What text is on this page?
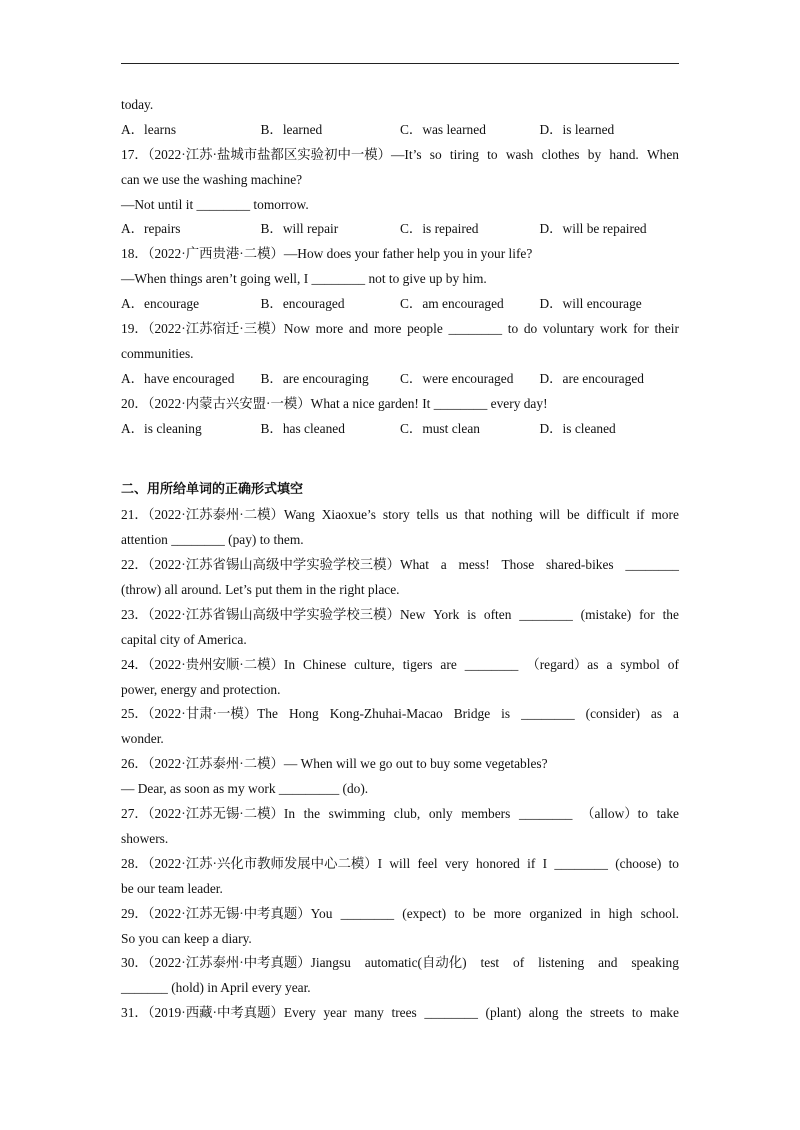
today.
A．learns	B．learned	C．was learned	D．is learned
17．（2022·江苏·盐城市盐都区实验初中一模）—It’s so tiring to wash clothes by hand. When
can we use the washing machine?
—Not until it ________ tomorrow.
A．repairs	B．will repair	C．is repaired	D．will be repaired
18．（2022·广西贵港·二模）—How does your father help you in your life?
—When things aren’t going well, I ________ not to give up by him.
A．encourage	B．encouraged	C．am encouraged	D．will encourage
19．（2022·江苏宿迁·三模）Now more and more people ________ to do voluntary work for their
communities.
A．have encouraged	B．are encouraging	C．were encouraged	D．are encouraged
20．（2022·内蒙古兴安盟·一模）What a nice garden! It ________ every day!
A．is cleaning	B．has cleaned	C．must clean	D．is cleaned
二、用所给单词的正确形式填空
21．（2022·江苏泰州·二模）Wang Xiaoxue’s story tells us that nothing will be difficult if more
attention ________ (pay) to them.
22．（2022·江苏省锡山高级中学实验学校三模）What a mess! Those shared-bikes ________
(throw) all around. Let’s put them in the right place.
23．（2022·江苏省锡山高级中学实验学校三模）New York is often ________ (mistake) for the
capital city of America.
24．（2022·贵州安顺·二模）In Chinese culture, tigers are ________ （regard）as a symbol of
power, energy and protection.
25．（2022·甘肃·一模）The Hong Kong-Zhuhai-Macao Bridge is ________ (consider) as a
wonder.
26．（2022·江苏泰州·二模）— When will we go out to buy some vegetables?
— Dear, as soon as my work _________ (do).
27．（2022·江苏无锡·二模）In the swimming club, only members ________ （allow）to take
showers.
28．（2022·江苏·兴化市教师发展中心二模）I will feel very honored if I ________ (choose) to
be our team leader.
29．（2022·江苏无锡·中考真题）You ________ (expect) to be more organized in high school.
So you can keep a diary.
30．（2022·江苏泰州·中考真题）Jiangsu automatic(自动化) test of listening and speaking
_______ (hold) in April every year.
31．（2019·西藏·中考真题）Every year many trees ________ (plant) along the streets to make
